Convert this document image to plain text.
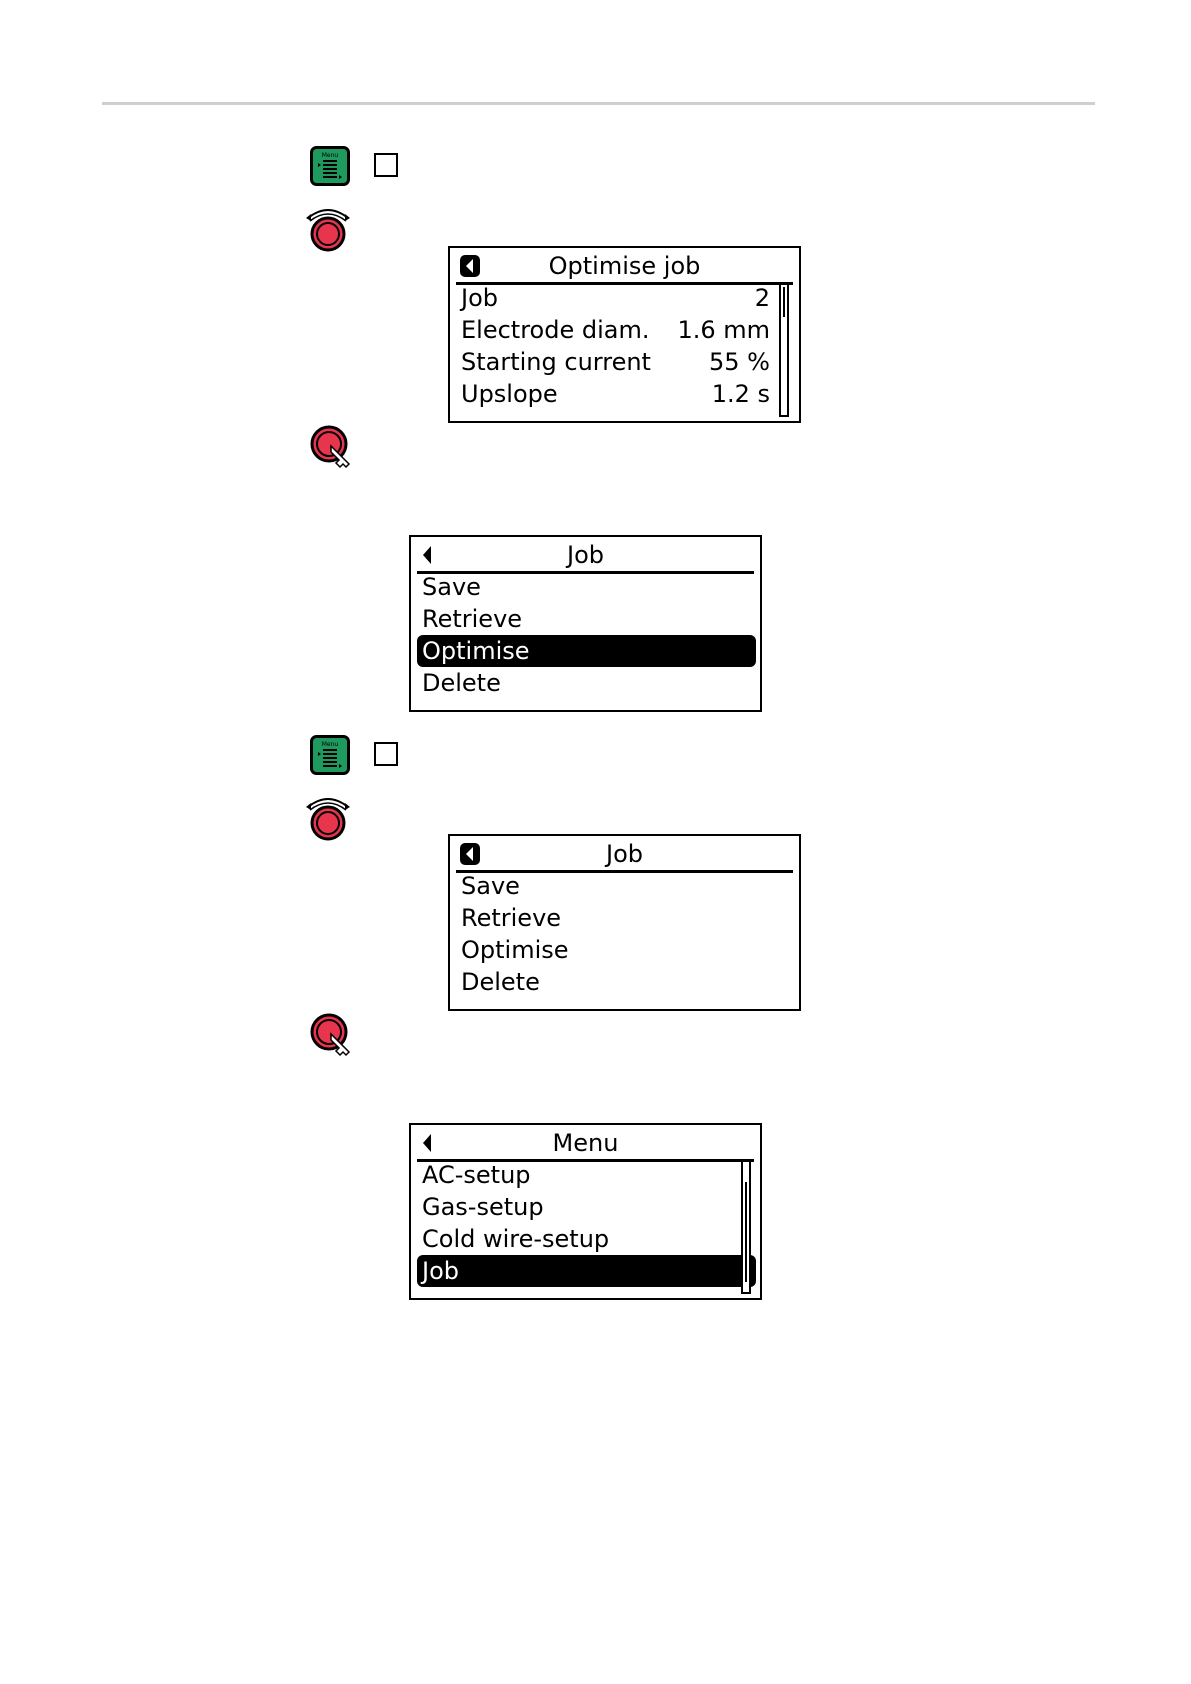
Menu
Optimise job
Job	2
Electrode diam. 1.6 mm
Starting current 55 %
Upslope	1.2 s
Job
Save
Retrieve
Optimise
Delete
Menu
Job
Save
Retrieve
Optimise
Delete
Menu
AC-setup
Gas-setup
Cold wire-setup
Job
